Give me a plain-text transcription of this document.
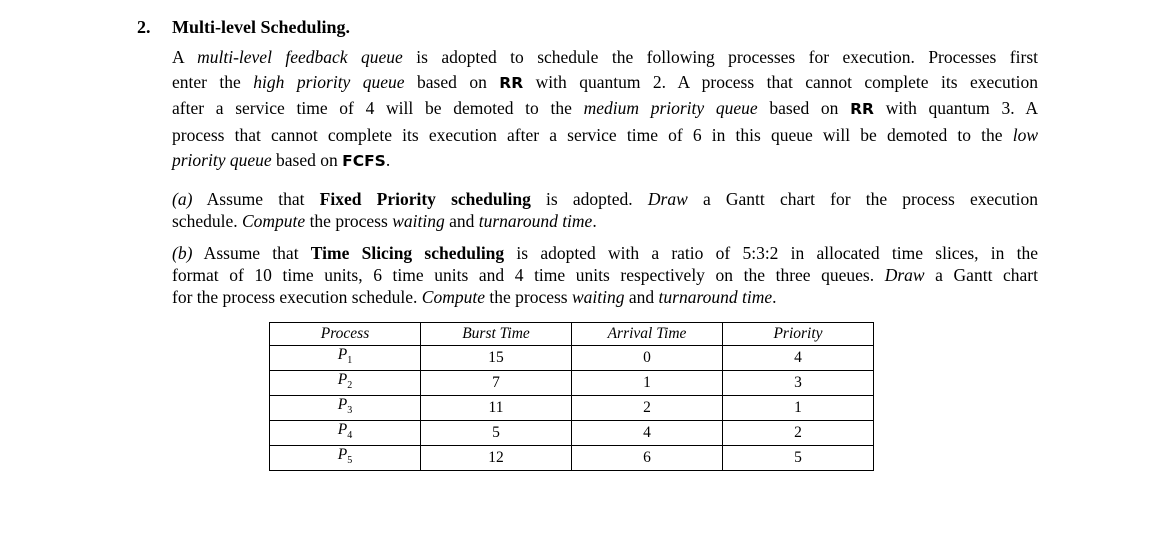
2. Multi-level Scheduling.
A multi-level feedback queue is adopted to schedule the following processes for execution. Processes first
enter the high priority queue based on RR with quantum 2. A process that cannot complete its execution
after a service time of 4 will be demoted to the medium priority queue based on RR with quantum 3. A
process that cannot complete its execution after a service time of 6 in this queue will be demoted to the low
priority queue based on FCFS.
(a) Assume that Fixed Priority scheduling is adopted. Draw a Gantt chart for the process execution
schedule. Compute the process waiting and turnaround time.
(b) Assume that Time Slicing scheduling is adopted with a ratio of 5:3:2 in allocated time slices, in the
format of 10 time units, 6 time units and 4 time units respectively on the three queues. Draw a Gantt chart
for the process execution schedule. Compute the process waiting and turnaround time.
Process	Burst Time	Arrival Time	Priority
$P_1$	15	0	4
$P_2$	7	1	3
$P_3$	11	2	1
$P_4$	5	4	2
$P_5$	12	6	5
